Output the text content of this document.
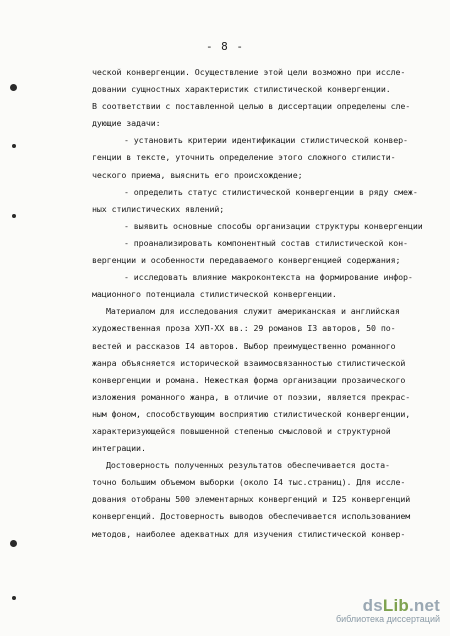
- 8 -

ческой конвергенции. Осуществление этой цели возможно при иссле-

довании сущностных характеристик стилистической конвергенции.

В соответствии с поставленной целью в диссертации определены сле-

дующие задачи:

- установить критерии идентификации стилистической конвер-

генции в тексте, уточнить определение этого сложного стилисти-

ческого приема, выяснить его происхождение;

- определить статус стилистической конвергенции в ряду смеж-

ных стилистических явлений;

- выявить основные способы организации структуры конвергенции

- проанализировать компонентный состав стилистической кон-

вергенции и особенности передаваемого конвергенцией содержания;

- исследовать влияние макроконтекста на формирование инфор-

мационного потенциала стилистической конвергенции.

Материалом для исследования служит американская и английская

художественная проза ХУП-ХХ вв.: 29 романов I3 авторов, 50 по-

вестей и рассказов I4 авторов. Выбор преимущественно романного

жанра объясняется исторической взаимосвязанностью стилистической

конвергенции и романа. Нежесткая форма организации прозаического

изложения романного жанра, в отличие от поэзии, является прекрас-

ным фоном, способствующим восприятию стилистической конвергенции,

характеризующейся повышенной степенью смысловой и структурной

интеграции.

Достоверность полученных результатов обеспечивается доста-

точно большим объемом выборки (около I4 тыс.страниц). Для иссле-

дования отобраны 500 элементарных конвергенций и I25 конвергенций

конвергенций. Достоверность выводов обеспечивается использованием

методов, наиболее адекватных для изучения стилистической конвер-

dsLib.net
библиотека диссертаций
